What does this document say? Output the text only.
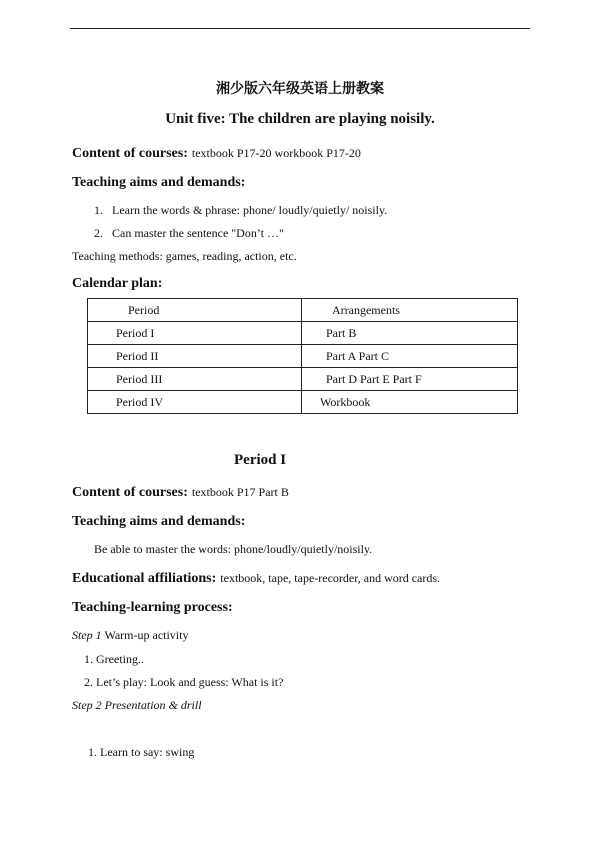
湘少版六年级英语上册教案
Unit five: The children are playing noisily.
Content of courses: textbook P17-20 workbook P17-20
Teaching aims and demands:
1. Learn the words & phrase: phone/ loudly/quietly/ noisily.
2. Can master the sentence "Don’t …"
Teaching methods: games, reading, action, etc.
Calendar plan:
Period	Arrangements
Period I	Part B
Period II	Part A Part C
Period III	Part D Part E Part F
Period IV	Workbook
Period I
Content of courses: textbook P17 Part B
Teaching aims and demands:
Be able to master the words: phone/loudly/quietly/noisily.
Educational affiliations: textbook, tape, tape-recorder, and word cards.
Teaching-learning process:
Step 1 Warm-up activity
1. Greeting..
2. Let’s play: Look and guess: What is it?
Step 2 Presentation & drill
1. Learn to say: swing
